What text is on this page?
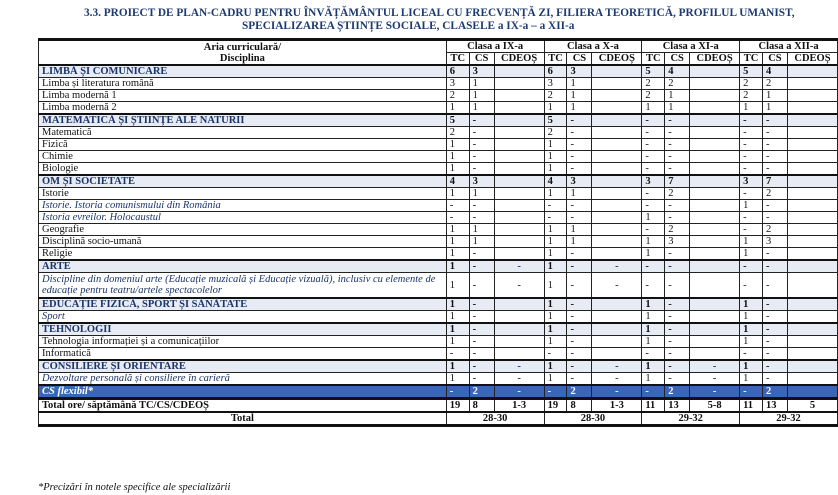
3.3. PROIECT DE PLAN-CADRU PENTRU ÎNVĂȚĂMÂNTUL LICEAL CU FRECVENȚĂ ZI, FILIERA TEORETICĂ, PROFILUL UMANIST,
SPECIALIZAREA ȘTIINȚE SOCIALE, CLASELE a IX-a – a XII-a
Aria curriculară/
Disciplina	Clasa a IX-a			Clasa a X-a			Clasa a XI-a			Clasa a XII-a		
	TC	CS	CDEOȘ	TC	CS	CDEOȘ	TC	CS	CDEOȘ	TC	CS	CDEOȘ
LIMBĂ ȘI COMUNICARE	6	3		6	3		5	4		5	4	
Limba și literatura română	3	1		3	1		2	2		2	2	
Limba modernă 1	2	1		2	1		2	1		2	1	
Limba modernă 2	1	1		1	1		1	1		1	1	
MATEMATICĂ ȘI ȘTIINȚE ALE NATURII	5	-		5	-		-	-		-	-	
Matematică	2	-		2	-		-	-		-	-	
Fizică	1	-		1	-		-	-		-	-	
Chimie	1	-		1	-		-	-		-	-	
Biologie	1	-		1	-		-	-		-	-	
OM ȘI SOCIETATE	4	3		4	3		3	7		3	7	
Istorie	1	1		1	1		-	2		-	2	
Istorie. Istoria comunismului din România	-	-		-	-		-	-		1	-	
Istoria evreilor. Holocaustul	-	-		-	-		1	-		-	-	
Geografie	1	1		1	1		-	2		-	2	
Disciplină socio-umană	1	1		1	1		1	3		1	3	
Religie	1	-		1	-		1	-		1	-	
ARTE	1	-	-	1	-	-	-	-		-	-	
Discipline din domeniul arte (Educație muzicală și Educație vizuală), inclusiv cu elemente de educație pentru teatru/artele spectacolelor	1	-	-	1	-	-	-	-		-	-	
EDUCAȚIE FIZICĂ, SPORT ȘI SĂNĂTATE	1	-		1	-		1	-		1	-	
Sport	1	-		1	-		1	-		1	-	
TEHNOLOGII	1	-		1	-		1	-		1	-	
Tehnologia informației și a comunicațiilor	1	-		1	-		1	-		1	-	
Informatică	-	-		-	-		-	-		-	-	
CONSILIERE ȘI ORIENTARE	1	-	-	1	-	-	1	-	-	1	-	
Dezvoltare personală și consiliere în carieră	1	-	-	1	-	-	1	-	-	1	-	
CS flexibil*	-	2	-	-	2	-	-	2	-	-	2	
Total ore/ săptămână TC/CS/CDEOȘ	19	8	1-3	19	8	1-3	11	13	5-8	11	13	5
Total	28-30			28-30			29-32			29-32		
*Precizări în notele specifice ale specializării
